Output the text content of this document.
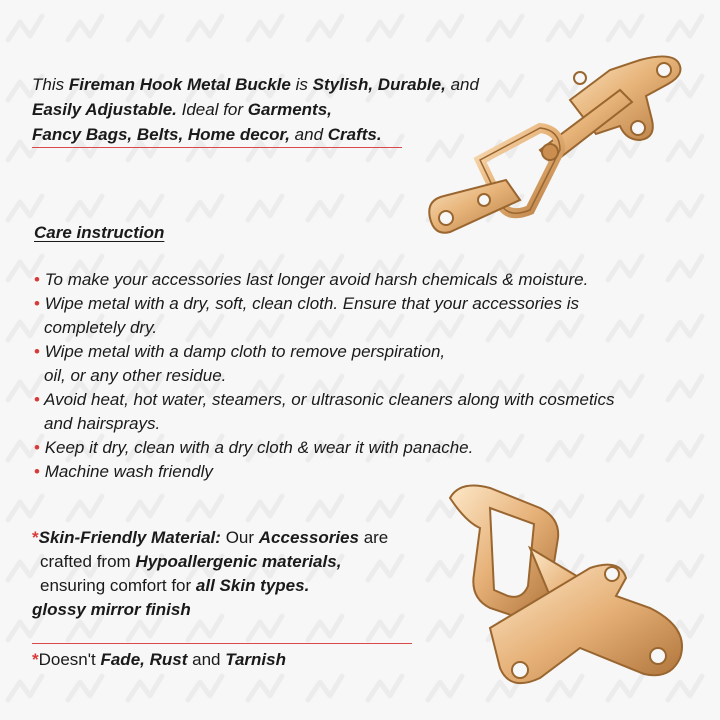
This Fireman Hook Metal Buckle is Stylish, Durable, and
Easily Adjustable. Ideal for Garments,
Fancy Bags, Belts, Home decor, and Crafts.
Care instruction
• To make your accessories last longer avoid harsh chemicals & moisture.
• Wipe metal with a dry, soft, clean cloth. Ensure that your accessories is
completely dry.
• Wipe metal with a damp cloth to remove perspiration,
oil, or any other residue.
• Avoid heat, hot water, steamers, or ultrasonic cleaners along with cosmetics
and hairsprays.
• Keep it dry, clean with a dry cloth & wear it with panache.
• Machine wash friendly
*Skin-Friendly Material: Our Accessories are
crafted from Hypoallergenic materials,
ensuring comfort for all Skin types.
glossy mirror finish
*Doesn't Fade, Rust and Tarnish
